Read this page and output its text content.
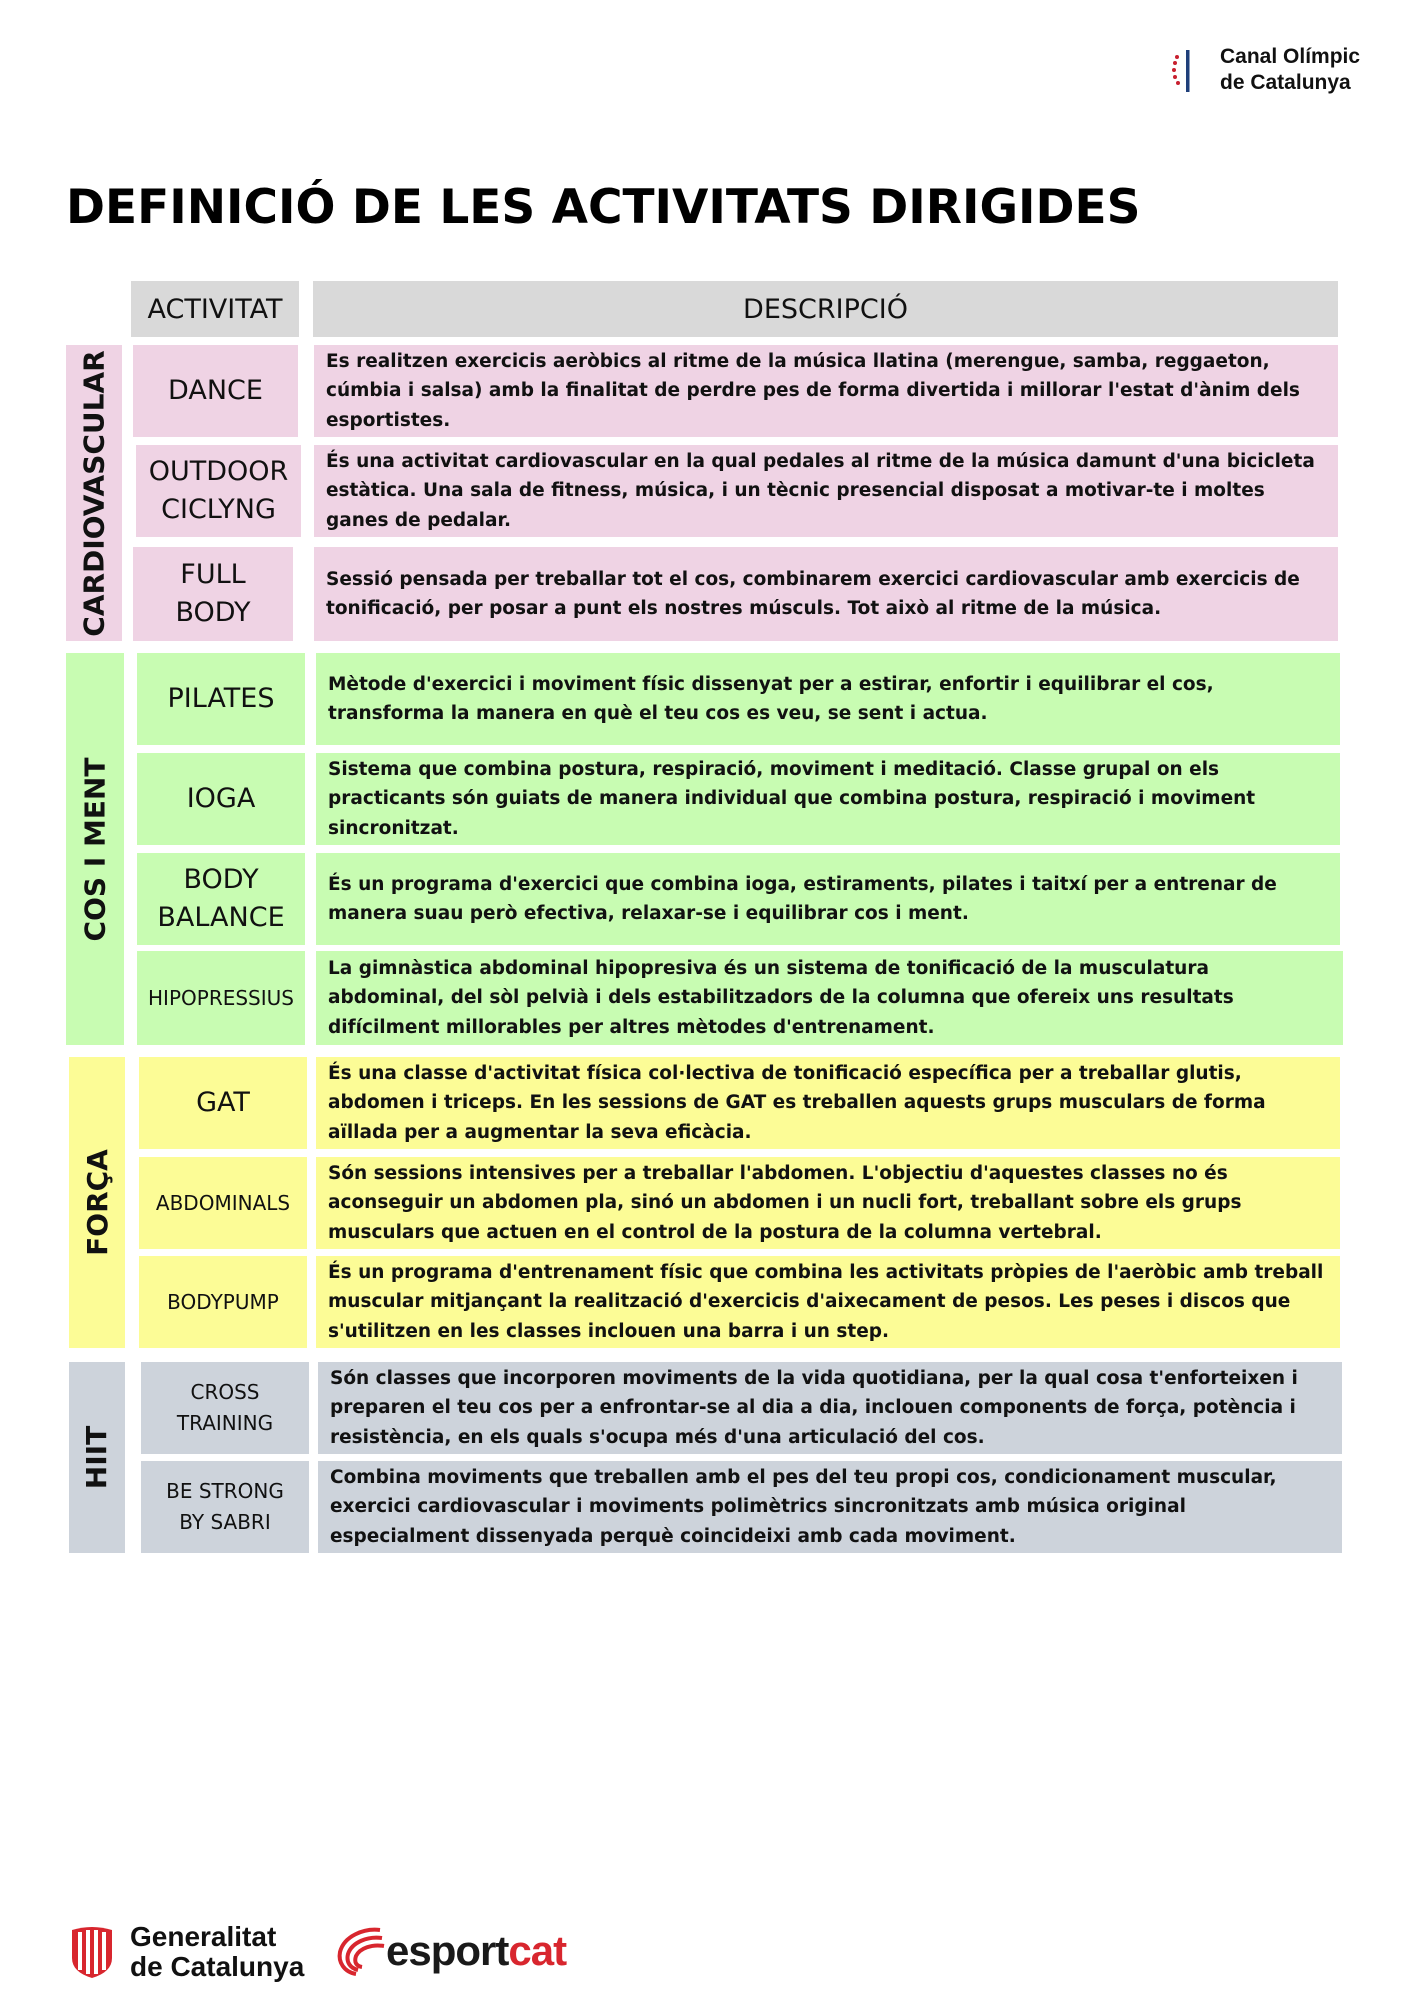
Canal Olímpic
de Catalunya
DEFINICIÓ DE LES ACTIVITATS DIRIGIDES
ACTIVITAT	DESCRIPCIÓ
CARDIOVASCULAR
COS I MENT
FORÇA
HIIT
DANCE
Es realitzen exercicis aeròbics al ritme de la música llatina (merengue, samba, reggaeton, cúmbia i salsa) amb la finalitat de perdre pes de forma divertida i millorar l'estat d'ànim dels esportistes.
OUTDOOR CICLYNG
És una activitat cardiovascular en la qual pedales al ritme de la música damunt d'una bicicleta estàtica. Una sala de fitness, música, i un tècnic presencial disposat a motivar-te i moltes ganes de pedalar.
FULL BODY
Sessió pensada per treballar tot el cos, combinarem exercici cardiovascular amb exercicis de tonificació, per posar a punt els nostres músculs. Tot això al ritme de la música.
PILATES	Mètode d'exercici i moviment físic dissenyat per a estirar, enfortir i equilibrar el cos, transforma la manera en què el teu cos es veu, se sent i actua.
IOGA
Sistema que combina postura, respiració, moviment i meditació. Classe grupal on els practicants són guiats de manera individual que combina postura, respiració i moviment sincronitzat.
BODY BALANCE
És un programa d'exercici que combina ioga, estiraments, pilates i taitxí per a entrenar de manera suau però efectiva, relaxar-se i equilibrar cos i ment.
HIPOPRESSIUS
La gimnàstica abdominal hipopresiva és un sistema de tonificació de la musculatura abdominal, del sòl pelvià i dels estabilitzadors de la columna que ofereix uns resultats difícilment millorables per altres mètodes d'entrenament.
GAT
És una classe d'activitat física col·lectiva de tonificació específica per a treballar glutis, abdomen i triceps. En les sessions de GAT es treballen aquests grups musculars de forma aïllada per a augmentar la seva eficàcia.
ABDOMINALS
Són sessions intensives per a treballar l'abdomen. L'objectiu d'aquestes classes no és aconseguir un abdomen pla, sinó un abdomen i un nucli fort, treballant sobre els grups musculars que actuen en el control de la postura de la columna vertebral.
BODYPUMP
És un programa d'entrenament físic que combina les activitats pròpies de l'aeròbic amb treball muscular mitjançant la realització d'exercicis d'aixecament de pesos. Les peses i discos que s'utilitzen en les classes inclouen una barra i un step.
CROSS TRAINING
Són classes que incorporen moviments de la vida quotidiana, per la qual cosa t'enforteixen i preparen el teu cos per a enfrontar-se al dia a dia, inclouen components de força, potència i resistència, en els quals s'ocupa més d'una articulació del cos.
BE STRONG BY SABRI
Combina moviments que treballen amb el pes del teu propi cos, condicionament muscular, exercici cardiovascular i moviments polimètrics sincronitzats amb música original especialment dissenyada perquè coincideixi amb cada moviment.
Generalitat
de Catalunya esportcat
